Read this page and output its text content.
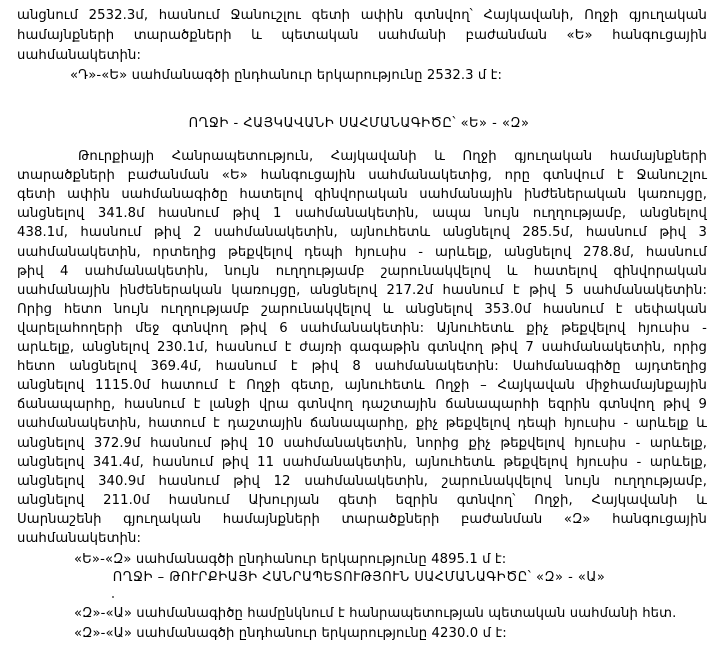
անցնում 2532.3մ, հասնում Ջանուշլու գետի ափին գտնվող՝ Հայկավանի, Ողջի գյուղական
համայնքների տարածքների և պետական սահմանի բաժանման «Ե» հանգուցային
սահմանակետին:
«Դ»-«Ե» սահմանագծի ընդհանուր երկարությունը 2532.3 մ է:
ՈՂՋԻ - ՀԱՅԿԱՎԱՆԻ ՍԱՀՄԱՆԱԳԻԾԸ՝ «Ե» - «Զ»
Թուրքիայի Հանրապետություն, Հայկավանի և Ողջի գյուղական համայնքների
տարածքների բաժանման «Ե» հանգուցային սահմանակետից, որը գտնվում է Ջանուշլու
գետի ափին սահմանագիծը հատելով զինվորական սահմանային ինժեներական կառույցը,
անցնելով 341.8մ հասնում թիվ 1 սահմանակետին, ապա նույն ուղղությամբ, անցնելով
438.1մ, հասնում թիվ 2 սահմանակետին, այնուհետև անցնելով 285.5մ, հասնում թիվ 3
սահմանակետին, որտեղից թեքվելով դեպի հյուսիս - արևելք, անցնելով 278.8մ, հասնում
թիվ 4 սահմանակետին, նույն ուղղությամբ շարունակվելով և հատելով զինվորական
սահմանային ինժեներական կառույցը, անցնելով 217.2մ հասնում է թիվ 5 սահմանակետին:
Որից հետո նույն ուղղությամբ շարունակվելով և անցնելով 353.0մ հասնում է սեփական
վարելահողերի մեջ գտնվող թիվ 6 սահմանակետին: Այնուհետև քիչ թեքվելով հյուսիս -
արևելք, անցնելով 230.1մ, հասնում է ժայռի գագաթին գտնվող թիվ 7 սահմանակետին, որից
հետո անցնելով 369.4մ, հասնում է թիվ 8 սահմանակետին: Սահմանագիծը այդտեղից
անցնելով 1115.0մ հատում է Ողջի գետը, այնուհետև Ողջի – Հայկավան միջհամայնքային
ճանապարհը, հասնում է լանջի վրա գտնվող դաշտային ճանապարհի եզրին գտնվող թիվ 9
սահմանակետին, հատում է դաշտային ճանապարհը, քիչ թեքվելով դեպի հյուսիս - արևելք և
անցնելով 372.9մ հասնում թիվ 10 սահմանակետին, նորից քիչ թեքվելով հյուսիս - արևելք,
անցնելով 341.4մ, հասնում թիվ 11 սահմանակետին, այնուհետև թեքվելով հյուսիս - արևելք,
անցնելով 340.9մ հասնում թիվ 12 սահմանակետին, շարունակվելով նույն ուղղությամբ,
անցնելով 211.0մ հասնում Ախուրյան գետի եզրին գտնվող՝ Ողջի, Հայկավանի և
Սարնաշենի գյուղական համայնքների տարածքների բաժանման «Զ» հանգուցային
սահմանակետին:
«Ե»-«Զ» սահմանագծի ընդհանուր երկարությունը 4895.1 մ է:
ՈՂՋԻ – ԹՈՒՐՔԻԱՅԻ ՀԱՆՐԱՊԵՏՈՒԹՅՈՒՆ ՍԱՀՄԱՆԱԳԻԾԸ՝ «Զ» - «Ա»
«Զ»-«Ա» սահմանագիծը համընկնում է հանրապետության պետական սահմանի հետ.
«Զ»-«Ա» սահմանագծի ընդհանուր երկարությունը 4230.0 մ է:
